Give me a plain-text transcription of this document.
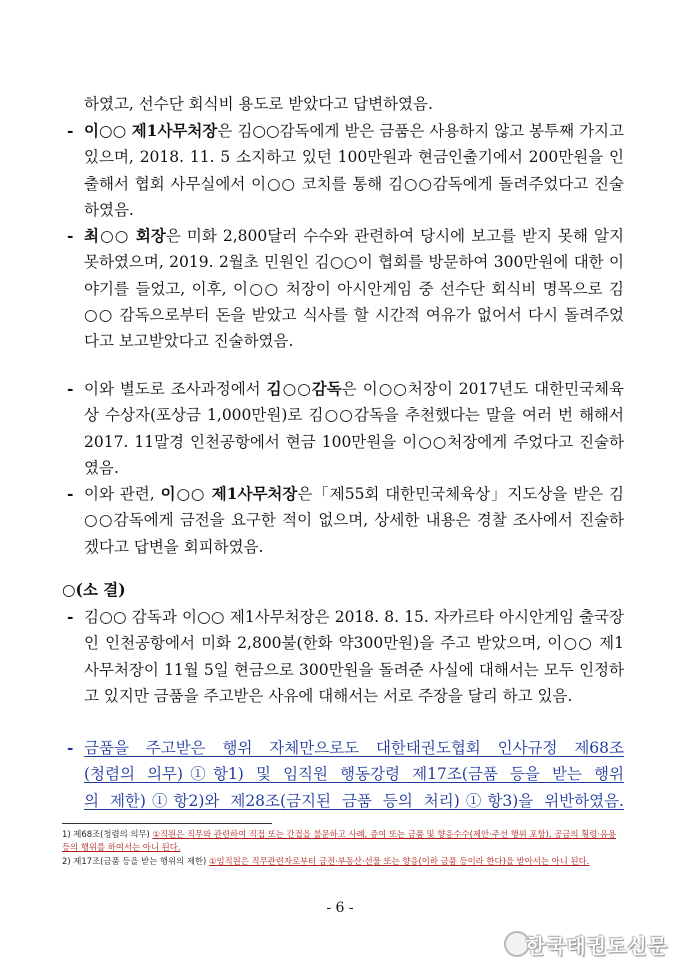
하였고, 선수단 회식비 용도로 받았다고 답변하였음.
- 이○○ 제1사무처장은 김○○감독에게 받은 금품은 사용하지 않고 봉투째 가지고 있으며, 2018. 11. 5 소지하고 있던 100만원과 현금인출기에서 200만원을 인출해서 협회 사무실에서 이○○ 코치를 통해 김○○감독에게 돌려주었다고 진술하였음.
- 최○○ 회장은 미화 2,800달러 수수와 관련하여 당시에 보고를 받지 못해 알지 못하였으며, 2019. 2월초 민원인 김○○이 협회를 방문하여 300만원에 대한 이야기를 들었고, 이후, 이○○ 처장이 아시안게임 중 선수단 회식비 명목으로 김○○ 감독으로부터 돈을 받았고 식사를 할 시간적 여유가 없어서 다시 돌려주었다고 보고받았다고 진술하였음.
- 이와 별도로 조사과정에서 김○○감독은 이○○처장이 2017년도 대한민국체육상 수상자(포상금 1,000만원)로 김○○감독을 추천했다는 말을 여러 번 해해서 2017. 11말경 인천공항에서 현금 100만원을 이○○처장에게 주었다고 진술하였음.
- 이와 관련, 이○○ 제1사무처장은「제55회 대한민국체육상」지도상을 받은 김○○감독에게 금전을 요구한 적이 없으며, 상세한 내용은 경찰 조사에서 진술하겠다고 답변을 회피하였음.
○(소 결)
- 김○○ 감독과 이○○ 제1사무처장은 2018. 8. 15. 자카르타 아시안게임 출국장인 인천공항에서 미화 2,800불(한화 약300만원)을 주고 받았으며, 이○○ 제1사무처장이 11월 5일 현금으로 300만원을 돌려준 사실에 대해서는 모두 인정하고 있지만 금품을 주고받은 사유에 대해서는 서로 주장을 달리 하고 있음.
- 금품을 주고받은 행위 자체만으로도 대한태권도협회 인사규정 제68조
(청렴의 의무)①항1) 및 임직원 행동강령 제17조(금품 등을 받는 행위
의 제한)①항2)와 제28조(금지된 금품 등의 처리)①항3)을 위반하였음.
1) 제68조(청렴의 의무) ①직원은 직무와 관련하여 직접 또는 간접을 불문하고 사례, 증여 또는 금품 및 향응수수(제안·주선 행위 포함), 공금의 횡령·유용 등의 행위를 하여서는 아니 된다.
2) 제17조(금품 등을 받는 행위의 제한) ①임직원은 직무관련자로부터 금전·부동산·선물 또는 향응(이하 금품 등이라 한다)을 받아서는 아니 된다.
- 6 -
한국태권도신문
